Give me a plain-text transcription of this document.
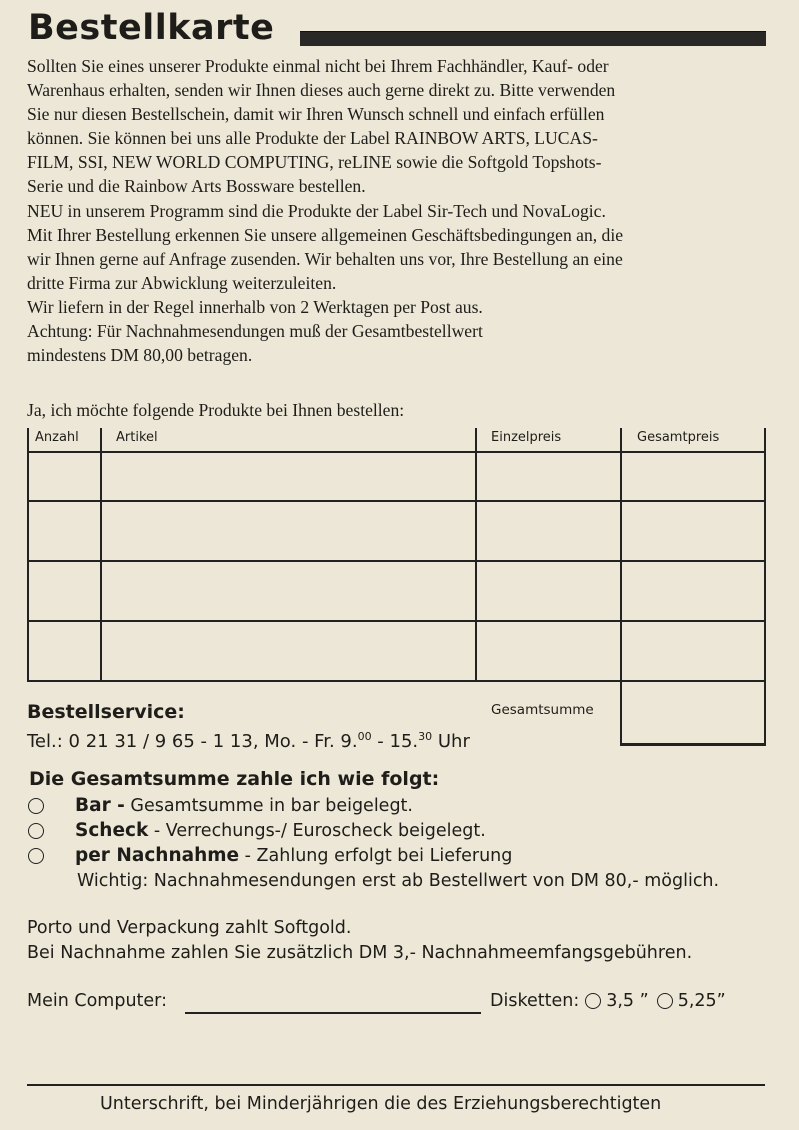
Bestellkarte

Sollten Sie eines unserer Produkte einmal nicht bei Ihrem Fachhändler, Kauf- oder

Warenhaus erhalten, senden wir Ihnen dieses auch gerne direkt zu. Bitte verwenden

Sie nur diesen Bestellschein, damit wir Ihren Wunsch schnell und einfach erfüllen

können. Sie können bei uns alle Produkte der Label RAINBOW ARTS, LUCAS-

FILM, SSI, NEW WORLD COMPUTING, reLINE sowie die Softgold Topshots-

Serie und die Rainbow Arts Bossware bestellen.

NEU in unserem Programm sind die Produkte der Label Sir-Tech und NovaLogic.

Mit Ihrer Bestellung erkennen Sie unsere allgemeinen Geschäftsbedingungen an, die

wir Ihnen gerne auf Anfrage zusenden. Wir behalten uns vor, Ihre Bestellung an eine

dritte Firma zur Abwicklung weiterzuleiten.

Wir liefern in der Regel innerhalb von 2 Werktagen per Post aus.

Achtung: Für Nachnahmesendungen muß der Gesamtbestellwert

mindestens DM 80,00 betragen.

Ja, ich möchte folgende Produkte bei Ihnen bestellen:
Anzahl	Artikel	Einzelpreis	Gesamtpreis
Gesamtsumme
Bestellservice:
Tel.: 0 21 31 / 9 65 - 1 13, Mo. - Fr. 9.00 - 15.30 Uhr
Die Gesamtsumme zahle ich wie folgt:
Bar - Gesamtsumme in bar beigelegt.
Scheck - Verrechungs-/ Euroscheck beigelegt.
per Nachnahme - Zahlung erfolgt bei Lieferung
Wichtig: Nachnahmesendungen erst ab Bestellwert von DM 80,- möglich.
Porto und Verpackung zahlt Softgold.
Bei Nachnahme zahlen Sie zusätzlich DM 3,- Nachnahmeemfangsgebühren.
Mein Computer:	Disketten: 3,5 ” 5,25”
Unterschrift, bei Minderjährigen die des Erziehungsberechtigten
